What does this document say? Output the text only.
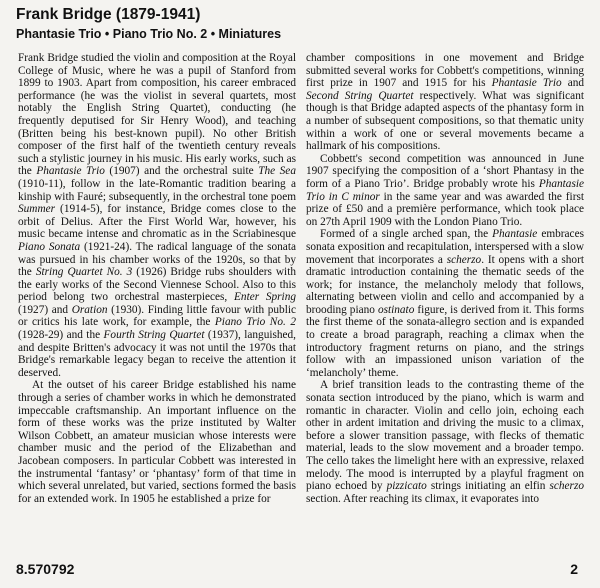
Frank Bridge (1879-1941)
Phantasie Trio • Piano Trio No. 2 • Miniatures

Frank Bridge studied the violin and composition at the Royal College of Music, where he was a pupil of Stanford from 1899 to 1903. Apart from composition, his career embraced performance (he was the violist in several quartets, most notably the English String Quartet), conducting (he frequently deputised for Sir Henry Wood), and teaching (Britten being his best-known pupil). No other British composer of the first half of the twentieth century reveals such a stylistic journey in his music. His early works, such as the Phantasie Trio (1907) and the orchestral suite The Sea (1910-11), follow in the late-Romantic tradition bearing a kinship with Fauré; subsequently, in the orchestral tone poem Summer (1914-5), for instance, Bridge comes close to the orbit of Delius. After the First World War, however, his music became intense and chromatic as in the Scriabinesque Piano Sonata (1921-24). The radical language of the sonata was pursued in his chamber works of the 1920s, so that by the String Quartet No. 3 (1926) Bridge rubs shoulders with the early works of the Second Viennese School. Also to this period belong two orchestral masterpieces, Enter Spring (1927) and Oration (1930). Finding little favour with public or critics his late work, for example, the Piano Trio No. 2 (1928-29) and the Fourth String Quartet (1937), languished, and despite Britten's advocacy it was not until the 1970s that Bridge's remarkable legacy began to receive the attention it deserved.

At the outset of his career Bridge established his name through a series of chamber works in which he demonstrated impeccable craftsmanship. An important influence on the form of these works was the prize instituted by Walter Wilson Cobbett, an amateur musician whose interests were chamber music and the period of the Elizabethan and Jacobean composers. In particular Cobbett was interested in the instrumental ‘fantasy’ or ‘phantasy’ form of that time in which several unrelated, but varied, sections formed the basis for an extended work. In 1905 he established a prize for

chamber compositions in one movement and Bridge submitted several works for Cobbett's competitions, winning first prize in 1907 and 1915 for his Phantasie Trio and Second String Quartet respectively. What was significant though is that Bridge adapted aspects of the phantasy form in a number of subsequent compositions, so that thematic unity within a work of one or several movements became a hallmark of his compositions.

Cobbett's second competition was announced in June 1907 specifying the composition of a ‘short Phantasy in the form of a Piano Trio’. Bridge probably wrote his Phantasie Trio in C minor in the same year and was awarded the first prize of £50 and a première performance, which took place on 27th April 1909 with the London Piano Trio.

Formed of a single arched span, the Phantasie embraces sonata exposition and recapitulation, interspersed with a slow movement that incorporates a scherzo. It opens with a short dramatic introduction containing the thematic seeds of the work; for instance, the melancholy melody that follows, alternating between violin and cello and accompanied by a brooding piano ostinato figure, is derived from it. This forms the first theme of the sonata-allegro section and is expanded to create a broad paragraph, reaching a climax when the introductory fragment returns on piano, and the strings follow with an impassioned unison variation of the ‘melancholy’ theme.

A brief transition leads to the contrasting theme of the sonata section introduced by the piano, which is warm and romantic in character. Violin and cello join, echoing each other in ardent imitation and driving the music to a climax, before a slower transition passage, with flecks of thematic material, leads to the slow movement and a broader tempo. The cello takes the limelight here with an expressive, relaxed melody. The mood is interrupted by a playful fragment on piano echoed by pizzicato strings initiating an elfin scherzo section. After reaching its climax, it evaporates into

8.570792	2
